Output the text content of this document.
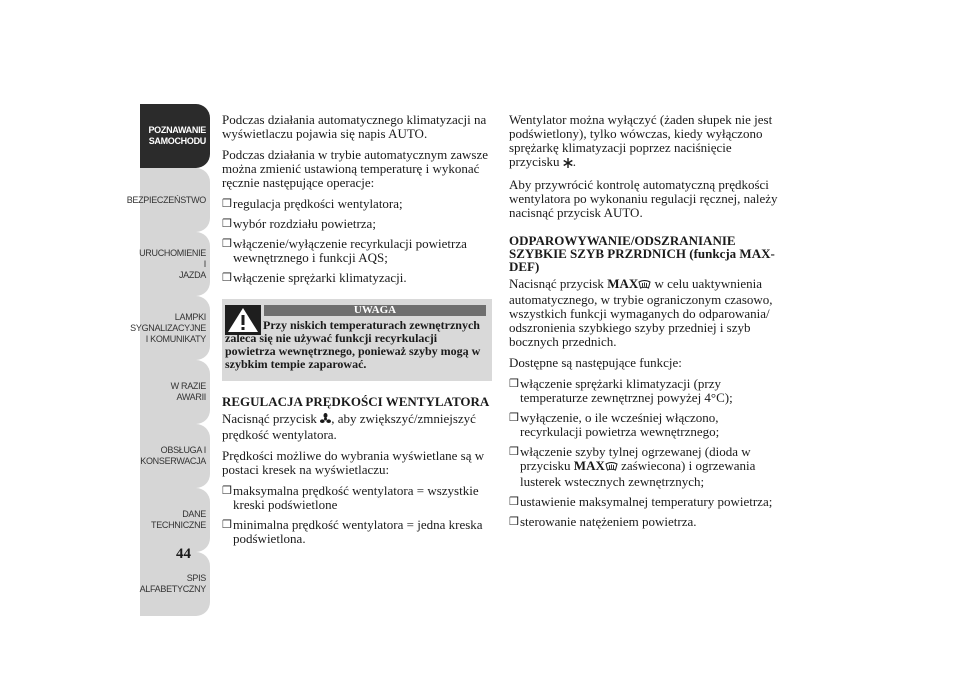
POZNAWANIE
SAMOCHODU
BEZPIECZEŃSTWO
URUCHOMIENIE I
JAZDA
LAMPKI
SYGNALIZACYJNE
I KOMUNIKATY
W RAZIE AWARII
OBSŁUGA I
KONSERWACJA
DANE
TECHNICZNE
SPIS
ALFABETYCZNY
44

Podczas działania automatycznego klimatyzacji na wyświetlaczu pojawia się napis AUTO.

Podczas działania w trybie automatycznym zawsze można zmienić ustawioną temperaturę i wykonać ręcznie następujące operacje:

❒ regulacja prędkości wentylatora;
❒ wybór rozdziału powietrza;
❒ włączenie/wyłączenie recyrkulacji powietrza wewnętrznego i funkcji AQS;
❒ włączenie sprężarki klimatyzacji.
UWAGA
Przy niskich temperaturach zewnętrznych zaleca się nie używać funkcji recyrkulacji powietrza wewnętrznego, ponieważ szyby mogą w szybkim tempie zaparować.
REGULACJA PRĘDKOŚCI WENTYLATORA

Nacisnąć przycisk , aby zwiększyć/zmniejszyć prędkość wentylatora.

Prędkości możliwe do wybrania wyświetlane są w postaci kresek na wyświetlaczu:

❒ maksymalna prędkość wentylatora = wszystkie kreski podświetlone
❒ minimalna prędkość wentylatora = jedna kreska podświetlona.

Wentylator można wyłączyć (żaden słupek nie jest podświetlony), tylko wówczas, kiedy wyłączono sprężarkę klimatyzacji poprzez naciśnięcie przycisku .

Aby przywrócić kontrolę automatyczną prędkości wentylatora po wykonaniu regulacji ręcznej, należy nacisnąć przycisk AUTO.

ODPAROWYWANIE/ODSZRANIANIE SZYBKIE SZYB PRZRDNICH (funkcja MAX-DEF)

Nacisnąć przycisk MAX w celu uaktywnienia automatycznego, w trybie ograniczonym czasowo, wszystkich funkcji wymaganych do odparowania/ odszronienia szybkiego szyby przedniej i szyb bocznych przednich.

Dostępne są następujące funkcje:

❒ włączenie sprężarki klimatyzacji (przy temperaturze zewnętrznej powyżej 4°C);
❒ wyłączenie, o ile wcześniej włączono, recyrkulacji powietrza wewnętrznego;
❒ włączenie szyby tylnej ogrzewanej (dioda w przycisku MAX zaświecona) i ogrzewania lusterek wstecznych zewnętrznych;
❒ ustawienie maksymalnej temperatury powietrza;
❒ sterowanie natężeniem powietrza.
